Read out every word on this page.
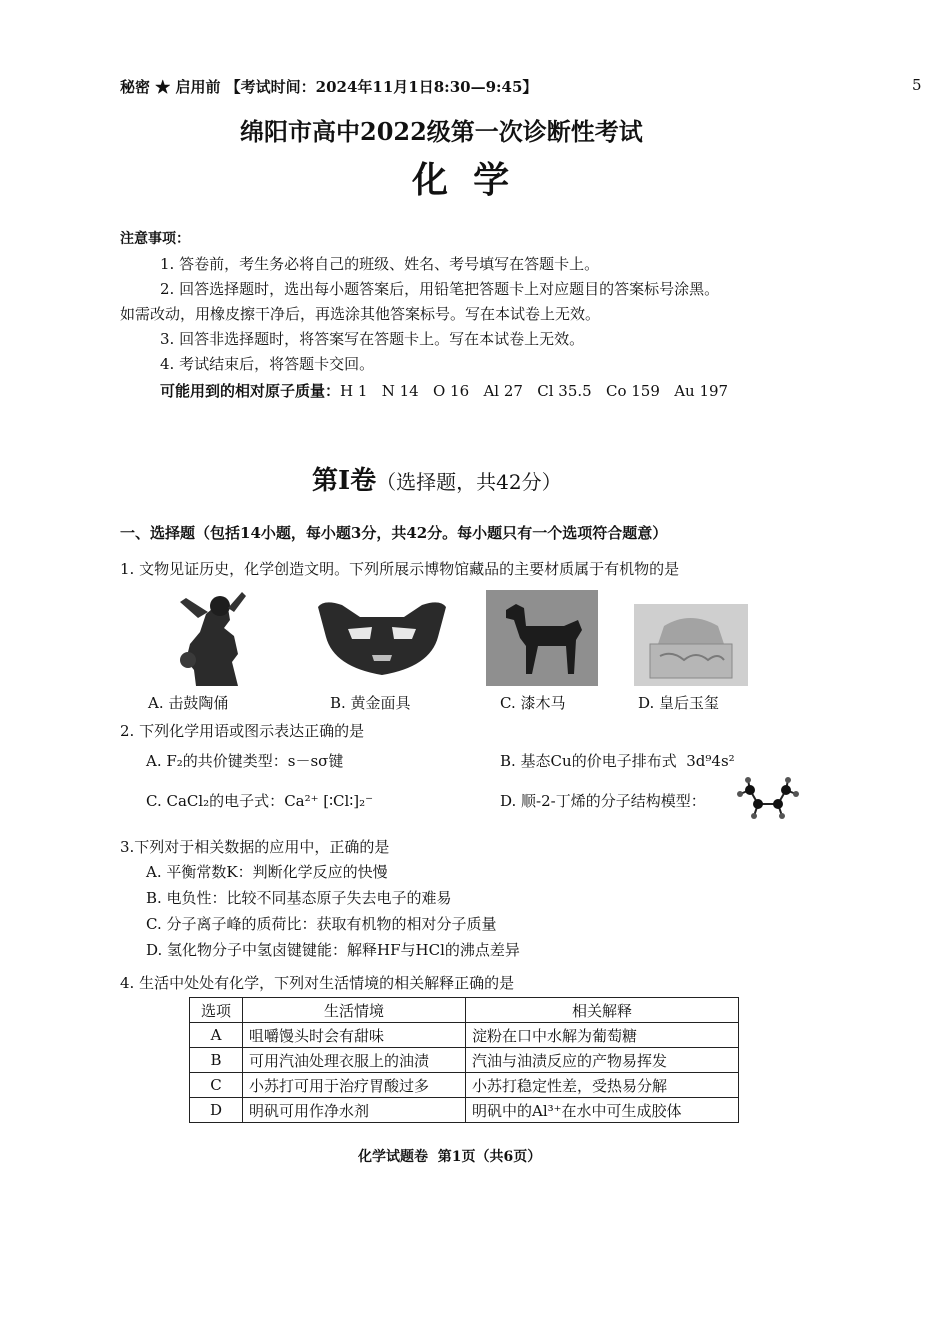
秘密 ★ 启用前 【考试时间：2024年11月1日8:30—9:45】	5
绵阳市高中2022级第一次诊断性考试
化  学
注意事项：
1. 答卷前，考生务必将自己的班级、姓名、考号填写在答题卡上。
2. 回答选择题时，选出每小题答案后，用铅笔把答题卡上对应题目的答案标号涂黑。
如需改动，用橡皮擦干净后，再选涂其他答案标号。写在本试卷上无效。
3. 回答非选择题时，将答案写在答题卡上。写在本试卷上无效。
4. 考试结束后，将答题卡交回。
可能用到的相对原子质量：H 1   N 14   O 16   Al 27   Cl 35.5   Co 159   Au 197
第Ⅰ卷（选择题，共42分）
一、选择题（包括14小题，每小题3分，共42分。每小题只有一个选项符合题意）
1. 文物见证历史，化学创造文明。下列所展示博物馆藏品的主要材质属于有机物的是
A. 击鼓陶俑	B. 黄金面具	C. 漆木马	D. 皇后玉玺
2. 下列化学用语或图示表达正确的是
A. F₂的共价键类型：s－sσ键	B. 基态Cu的价电子排布式 3d⁹4s²
C. CaCl₂的电子式：Ca²⁺ [∶Cl∶]₂⁻	D. 顺-2-丁烯的分子结构模型：
3.下列对于相关数据的应用中，正确的是
A. 平衡常数K：判断化学反应的快慢
B. 电负性：比较不同基态原子失去电子的难易
C. 分子离子峰的质荷比：获取有机物的相对分子质量
D. 氢化物分子中氢卤键键能：解释HF与HCl的沸点差异
4. 生活中处处有化学，下列对生活情境的相关解释正确的是
选项	生活情境	相关解释
A	咀嚼馒头时会有甜味	淀粉在口中水解为葡萄糖
B	可用汽油处理衣服上的油渍	汽油与油渍反应的产物易挥发
C	小苏打可用于治疗胃酸过多	小苏打稳定性差，受热易分解
D	明矾可用作净水剂	明矾中的Al³⁺在水中可生成胶体
化学试题卷  第1页（共6页）
